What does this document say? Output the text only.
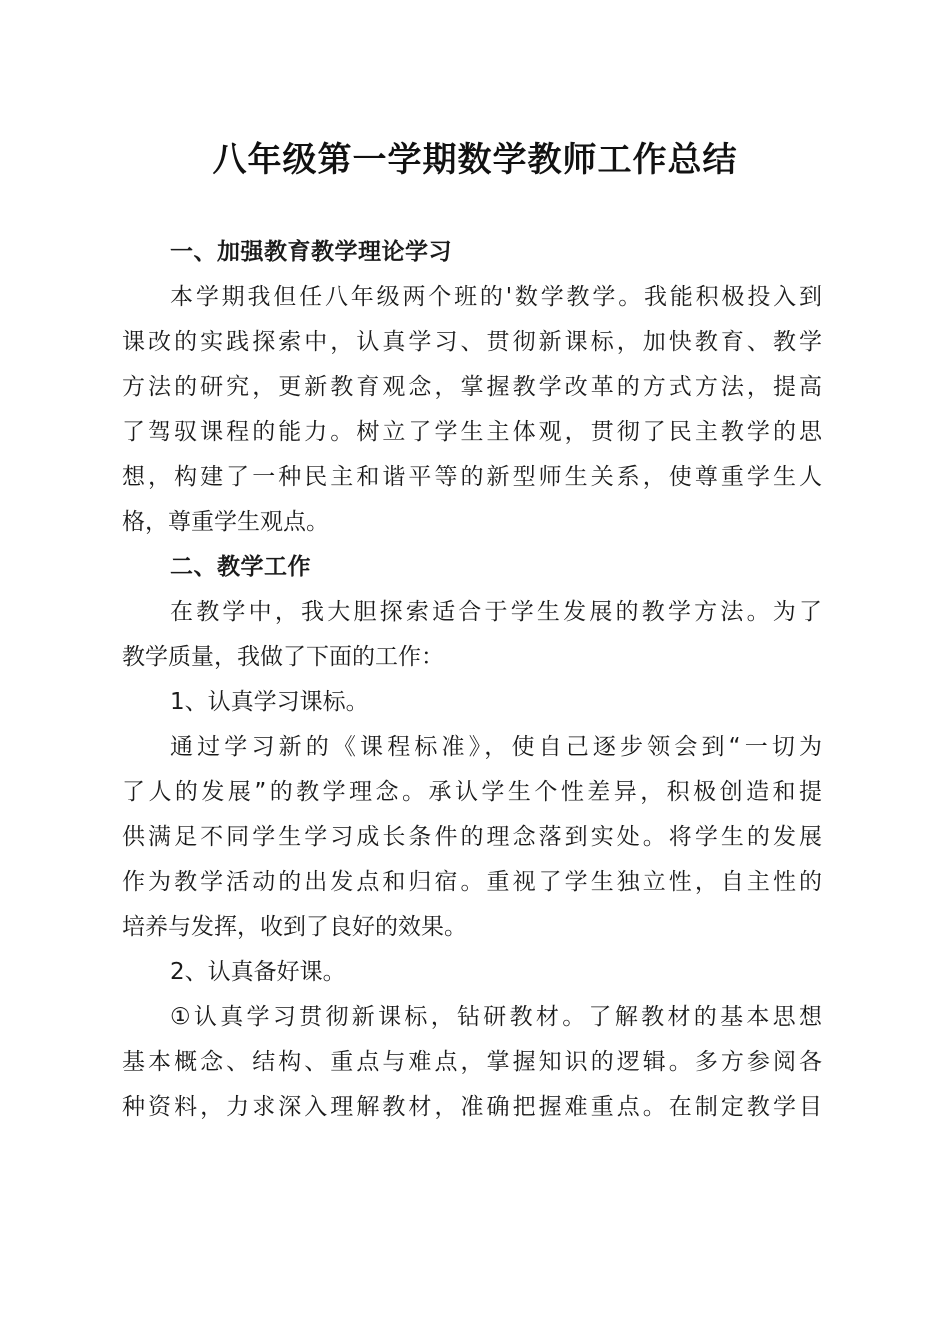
八年级第一学期数学教师工作总结
一、加强教育教学理论学习
本学期我但任八年级两个班的'数学教学。我能积极投入到
课改的实践探索中，认真学习、贯彻新课标，加快教育、教学
方法的研究，更新教育观念，掌握教学改革的方式方法，提高
了驾驭课程的能力。树立了学生主体观，贯彻了民主教学的思
想，构建了一种民主和谐平等的新型师生关系，使尊重学生人
格，尊重学生观点。
二、教学工作
在教学中，我大胆探索适合于学生发展的教学方法。为了
教学质量，我做了下面的工作：
1、认真学习课标。
通过学习新的《课程标准》，使自己逐步领会到“一切为
了人的发展”的教学理念。承认学生个性差异，积极创造和提
供满足不同学生学习成长条件的理念落到实处。将学生的发展
作为教学活动的出发点和归宿。重视了学生独立性，自主性的
培养与发挥，收到了良好的效果。
2、认真备好课。
①认真学习贯彻新课标，钻研教材。了解教材的基本思想
基本概念、结构、重点与难点，掌握知识的逻辑。多方参阅各
种资料，力求深入理解教材，准确把握难重点。在制定教学目
